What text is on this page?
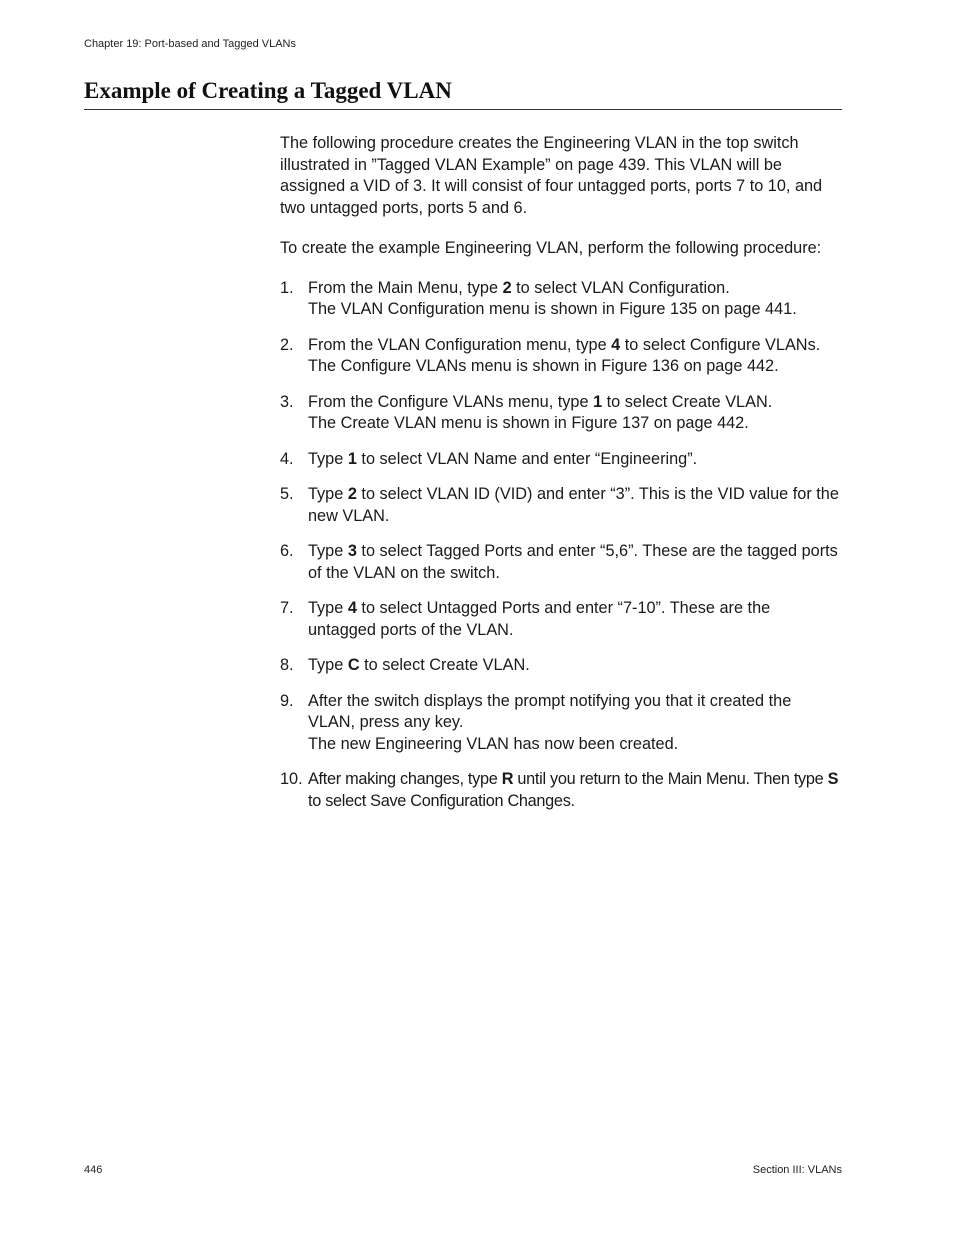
Chapter 19: Port-based and Tagged VLANs
Example of Creating a Tagged VLAN

The following procedure creates the Engineering VLAN in the top switch illustrated in ”Tagged VLAN Example” on page 439. This VLAN will be assigned a VID of 3. It will consist of four untagged ports, ports 7 to 10, and two untagged ports, ports 5 and 6.

To create the example Engineering VLAN, perform the following procedure:

1. From the Main Menu, type 2 to select VLAN Configuration.

The VLAN Configuration menu is shown in Figure 135 on page 441.

2. From the VLAN Configuration menu, type 4 to select Configure VLANs.

The Configure VLANs menu is shown in Figure 136 on page 442.

3. From the Configure VLANs menu, type 1 to select Create VLAN.

The Create VLAN menu is shown in Figure 137 on page 442.

4. Type 1 to select VLAN Name and enter “Engineering”.
5. Type 2 to select VLAN ID (VID) and enter “3”. This is the VID value for the new VLAN.
6. Type 3 to select Tagged Ports and enter “5,6”. These are the tagged ports of the VLAN on the switch.
7. Type 4 to select Untagged Ports and enter “7-10”. These are the untagged ports of the VLAN.
8. Type C to select Create VLAN.
9. After the switch displays the prompt notifying you that it created the VLAN, press any key.

The new Engineering VLAN has now been created.

10. After making changes, type R until you return to the Main Menu. Then type S to select Save Configuration Changes.
446	Section III: VLANs
